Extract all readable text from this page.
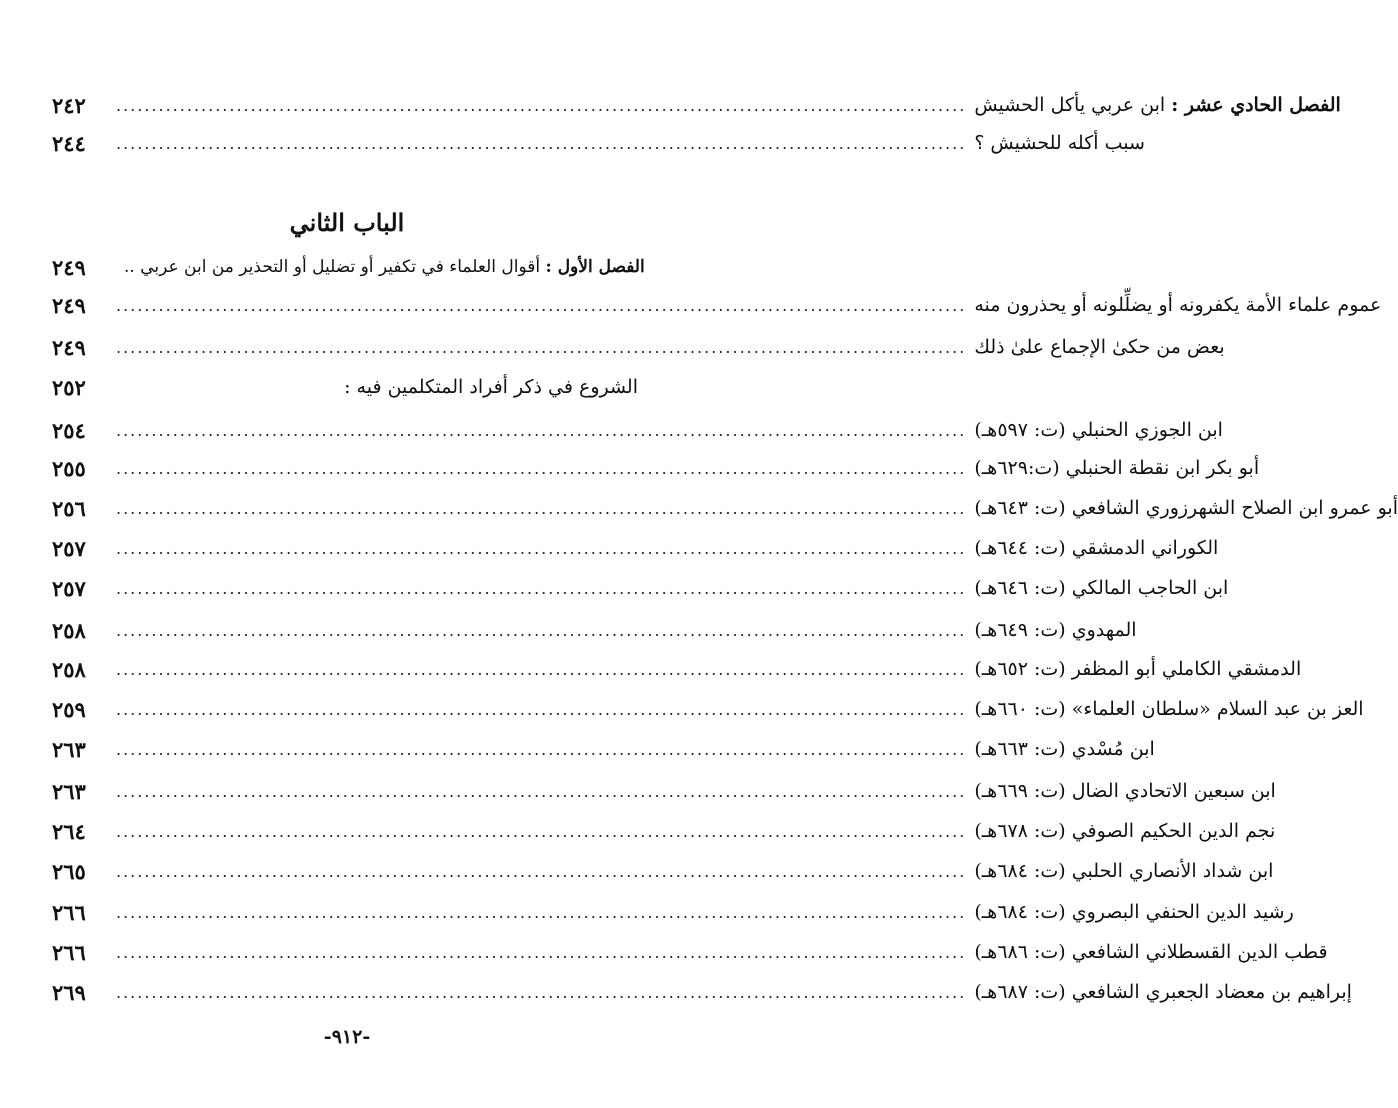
٢٤٢	........................................................................................................................	الفصل الحادي عشر : ابن عربي يأكل الحشيش
٢٤٤	........................................................................................................................ سبب أكله للحشيش ؟
الباب الثاني
٢٤٩	الفصل الأول : أقوال العلماء في تكفير أو تضليل أو التحذير من ابن عربي ..
٢٤٩	........................................................................................................................ عموم علماء الأمة يكفرونه أو يضلِّلونه أو يحذرون منه
٢٤٩	........................................................................................................................ بعض من حكىٰ الإجماع علىٰ ذلك
٢٥٢	الشروع في ذكر أفراد المتكلمين فيه :
٢٥٤	........................................................................................................................ ابن الجوزي الحنبلي (ت: ٥٩٧هـ)
٢٥٥	........................................................................................................................ أبو بكر ابن نقطة الحنبلي (ت:٦٢٩هـ)
٢٥٦	........................................................................................................................ أبو عمرو ابن الصلاح الشهرزوري الشافعي (ت: ٦٤٣هـ)
٢٥٧	........................................................................................................................ الكوراني الدمشقي (ت: ٦٤٤هـ)
٢٥٧	........................................................................................................................ ابن الحاجب المالكي (ت: ٦٤٦هـ)
٢٥٨	........................................................................................................................ المهدوي (ت: ٦٤٩هـ)
٢٥٨	........................................................................................................................ الدمشقي الكاملي أبو المظفر (ت: ٦٥٢هـ)
٢٥٩	........................................................................................................................ العز بن عبد السلام «سلطان العلماء» (ت: ٦٦٠هـ)
٢٦٣	........................................................................................................................ ابن مُسْدي (ت: ٦٦٣هـ)
٢٦٣	........................................................................................................................ ابن سبعين الاتحادي الضال (ت: ٦٦٩هـ)
٢٦٤	........................................................................................................................ نجم الدين الحكيم الصوفي (ت: ٦٧٨هـ)
٢٦٥	........................................................................................................................ ابن شداد الأنصاري الحلبي (ت: ٦٨٤هـ)
٢٦٦	........................................................................................................................ رشيد الدين الحنفي البصروي (ت: ٦٨٤هـ)
٢٦٦	........................................................................................................................ قطب الدين القسطلاني الشافعي (ت: ٦٨٦هـ)
٢٦٩	........................................................................................................................ إبراهيم بن معضاد الجعبري الشافعي (ت: ٦٨٧هـ)
-٩١٢-
